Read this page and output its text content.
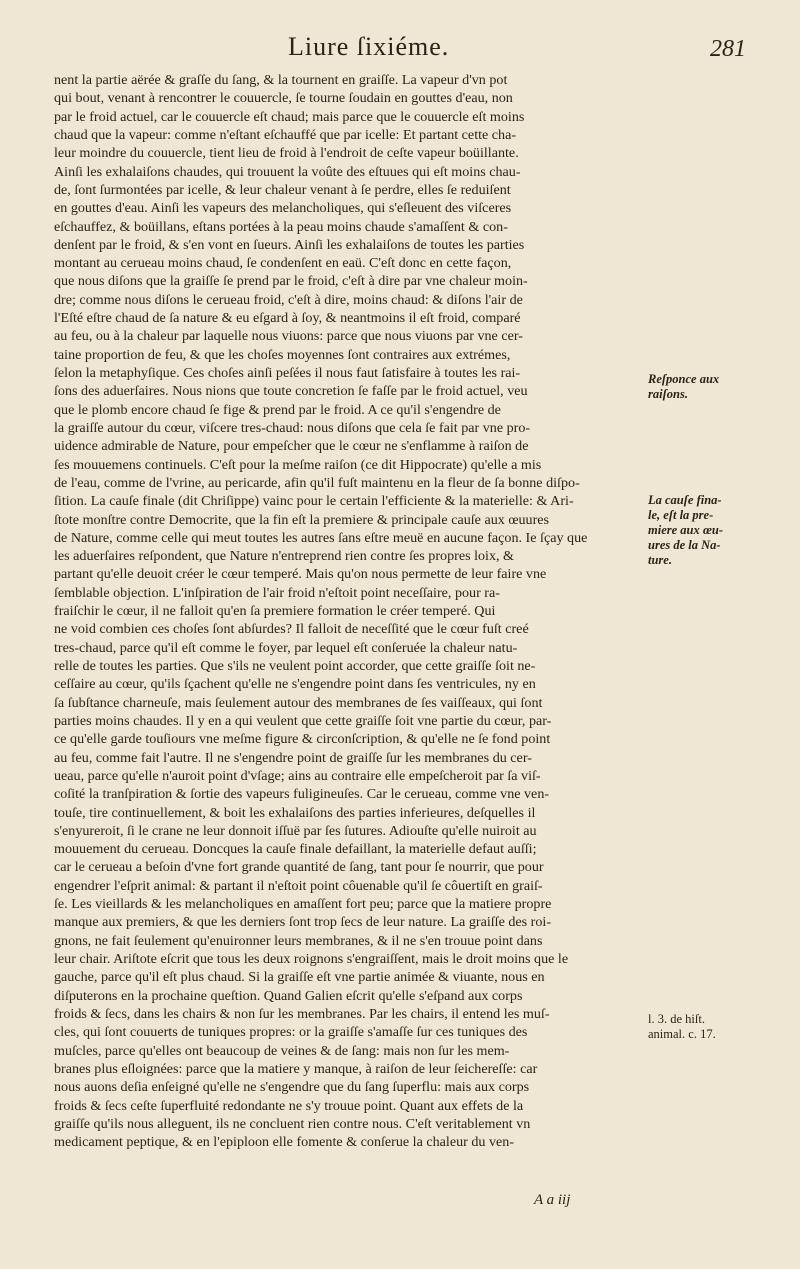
Liure ſixiéme.	281
nent la partie aërée & graſſe du ſang, & la tournent en graiſſe. La vapeur d'vn pot
qui bout, venant à rencontrer le couuercle, ſe tourne ſoudain en gouttes d'eau, non
par le froid actuel, car le couuercle eſt chaud; mais parce que le couuercle eſt moins
chaud que la vapeur: comme n'eſtant eſchauffé que par icelle: Et partant cette cha-
leur moindre du couuercle, tient lieu de froid à l'endroit de ceſte vapeur boüillante.
Ainſi les exhalaiſons chaudes, qui trouuent la voûte des eſtuues qui eſt moins chau-
de, ſont ſurmontées par icelle, & leur chaleur venant à ſe perdre, elles ſe reduiſent
en gouttes d'eau. Ainſi les vapeurs des melancholiques, qui s'eſleuent des viſceres
eſchauffez, & boüillans, eſtans portées à la peau moins chaude s'amaſſent & con-
denſent par le froid, & s'en vont en ſueurs. Ainſi les exhalaiſons de toutes les parties
montant au cerueau moins chaud, ſe condenſent en eaü. C'eſt donc en cette façon,
que nous diſons que la graiſſe ſe prend par le froid, c'eſt à dire par vne chaleur moin-
dre; comme nous diſons le cerueau froid, c'eſt à dire, moins chaud: & diſons l'air de
l'Eſté eſtre chaud de ſa nature & eu eſgard à ſoy, & neantmoins il eſt froid, comparé
au feu, ou à la chaleur par laquelle nous viuons: parce que nous viuons par vne cer-
taine proportion de feu, & que les choſes moyennes ſont contraires aux extrémes,
ſelon la metaphyſique. Ces choſes ainſi peſées il nous faut ſatisfaire à toutes les rai-
ſons des aduerſaires. Nous nions que toute concretion ſe faſſe par le froid actuel, veu
que le plomb encore chaud ſe fige & prend par le froid. A ce qu'il s'engendre de
la graiſſe autour du cœur, viſcere tres-chaud: nous diſons que cela ſe fait par vne pro-
uidence admirable de Nature, pour empeſcher que le cœur ne s'enflamme à raiſon de
ſes mouuemens continuels. C'eſt pour la meſme raiſon (ce dit Hippocrate) qu'elle a mis
de l'eau, comme de l'vrine, au pericarde, afin qu'il fuſt maintenu en la fleur de ſa bonne diſpo-
ſition. La cauſe finale (dit Chriſippe) vainc pour le certain l'efficiente & la materielle: & Ari-
ſtote monſtre contre Democrite, que la fin eſt la premiere & principale cauſe aux œuures
de Nature, comme celle qui meut toutes les autres ſans eſtre meuë en aucune façon. Ie ſçay que
les aduerſaires reſpondent, que Nature n'entreprend rien contre ſes propres loix, &
partant qu'elle deuoit créer le cœur temperé. Mais qu'on nous permette de leur faire vne
ſemblable objection. L'inſpiration de l'air froid n'eſtoit point neceſſaire, pour ra-
fraiſchir le cœur, il ne falloit qu'en ſa premiere formation le créer temperé. Qui
ne void combien ces choſes ſont abſurdes? Il falloit de neceſſité que le cœur fuſt creé
tres-chaud, parce qu'il eſt comme le foyer, par lequel eſt conſeruée la chaleur natu-
relle de toutes les parties. Que s'ils ne veulent point accorder, que cette graiſſe ſoit ne-
ceſſaire au cœur, qu'ils ſçachent qu'elle ne s'engendre point dans ſes ventricules, ny en
ſa ſubſtance charneuſe, mais ſeulement autour des membranes de ſes vaiſſeaux, qui ſont
parties moins chaudes. Il y en a qui veulent que cette graiſſe ſoit vne partie du cœur, par-
ce qu'elle garde touſiours vne meſme figure & circonſcription, & qu'elle ne ſe fond point
au feu, comme fait l'autre. Il ne s'engendre point de graiſſe ſur les membranes du cer-
ueau, parce qu'elle n'auroit point d'vſage; ains au contraire elle empeſcheroit par ſa viſ-
coſité la tranſpiration & ſortie des vapeurs fuligineuſes. Car le cerueau, comme vne ven-
touſe, tire continuellement, & boit les exhalaiſons des parties inferieures, deſquelles il
s'enyureroit, ſi le crane ne leur donnoit iſſuë par ſes ſutures. Adiouſte qu'elle nuiroit au
mouuement du cerueau. Doncques la cauſe finale defaillant, la materielle defaut auſſi;
car le cerueau a beſoin d'vne fort grande quantité de ſang, tant pour ſe nourrir, que pour
engendrer l'eſprit animal: & partant il n'eſtoit point côuenable qu'il ſe côuertiſt en graiſ-
ſe. Les vieillards & les melancholiques en amaſſent fort peu; parce que la matiere propre
manque aux premiers, & que les derniers ſont trop ſecs de leur nature. La graiſſe des roi-
gnons, ne fait ſeulement qu'enuironner leurs membranes, & il ne s'en trouue point dans
leur chair. Ariſtote eſcrit que tous les deux roignons s'engraiſſent, mais le droit moins que le
gauche, parce qu'il eſt plus chaud. Si la graiſſe eſt vne partie animée & viuante, nous en
diſputerons en la prochaine queſtion. Quand Galien eſcrit qu'elle s'eſpand aux corps
froids & ſecs, dans les chairs & non ſur les membranes. Par les chairs, il entend les muſ-
cles, qui ſont couuerts de tuniques propres: or la graiſſe s'amaſſe ſur ces tuniques des
muſcles, parce qu'elles ont beaucoup de veines & de ſang: mais non ſur les mem-
branes plus eſloignées: parce que la matiere y manque, à raiſon de leur ſeichereſſe: car
nous auons deſia enſeigné qu'elle ne s'engendre que du ſang ſuperflu: mais aux corps
froids & ſecs ceſte ſuperfluité redondante ne s'y trouue point. Quant aux effets de la
graiſſe qu'ils nous alleguent, ils ne concluent rien contre nous. C'eſt veritablement vn
medicament peptique, & en l'epiploon elle fomente & conſerue la chaleur du ven-
Reſponce aux
raiſons.
La cauſe fina-
le, eſt la pre-
miere aux œu-
ures de la Na-
ture.
l. 3. de hiſt.
animal. c. 17.
A a iij
